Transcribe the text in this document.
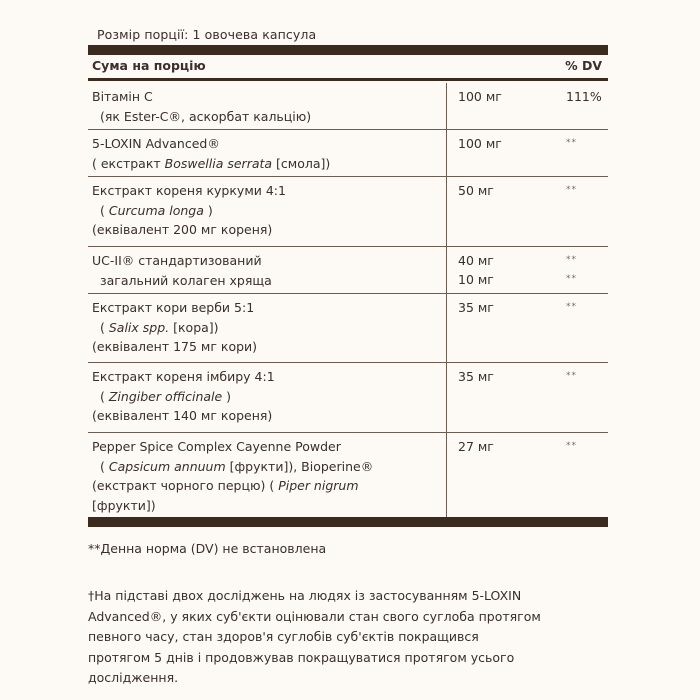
Розмір порції: 1 овочева капсула
Сума на порцію	% DV
Вітамін C
(як Ester-C®, аскорбат кальцію)
100 мг	111%
5-LOXIN Advanced®
( екстракт Boswellia serrata [смола])
100 мг	**
Екстракт кореня куркуми 4:1
( Curcuma longa )
(еквівалент 200 мг кореня)
50 мг	**
UC-II® стандартизований
загальний колаген хряща
40 мг	**
10 мг	**
Екстракт кори верби 5:1
( Salix spp. [кора])
(еквівалент 175 мг кори)
35 мг	**
Екстракт кореня імбиру 4:1
( Zingiber officinale )
(еквівалент 140 мг кореня)
35 мг	**
Pepper Spice Complex Cayenne Powder
( Capsicum annuum [фрукти]), Bioperine®
(екстракт чорного перцю) ( Piper nigrum
[фрукти])
27 мг	**
**Денна норма (DV) не встановлена
†На підставі двох досліджень на людях із застосуванням 5-LOXIN
Advanced®, у яких суб'єкти оцінювали стан свого суглоба протягом
певного часу, стан здоров'я суглобів суб'єктів покращився
протягом 5 днів і продовжував покращуватися протягом усього
дослідження.
